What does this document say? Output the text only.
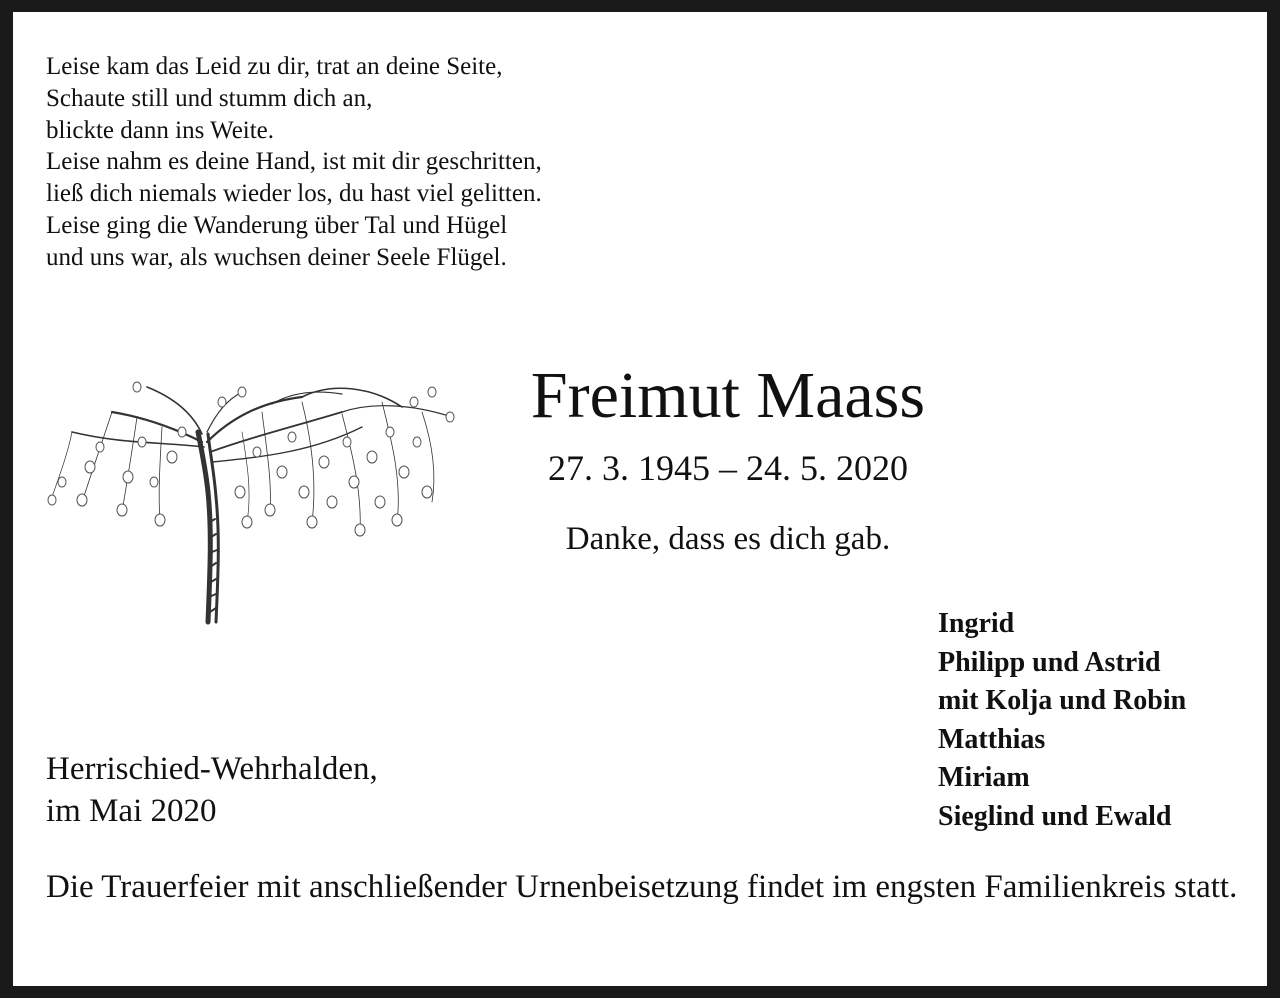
Leise kam das Leid zu dir, trat an deine Seite,
Schaute still und stumm dich an,
blickte dann ins Weite.
Leise nahm es deine Hand, ist mit dir geschritten,
ließ dich niemals wieder los, du hast viel gelitten.
Leise ging die Wanderung über Tal und Hügel
und uns war, als wuchsen deiner Seele Flügel.
Freimut Maass
27. 3. 1945 – 24. 5. 2020
Danke, dass es dich gab.
Ingrid
Philipp und Astrid
mit Kolja und Robin
Matthias
Miriam
Sieglind und Ewald
Herrischied-Wehrhalden,
im Mai 2020
Die Trauerfeier mit anschließender Urnenbeisetzung findet im engsten Familienkreis statt.
